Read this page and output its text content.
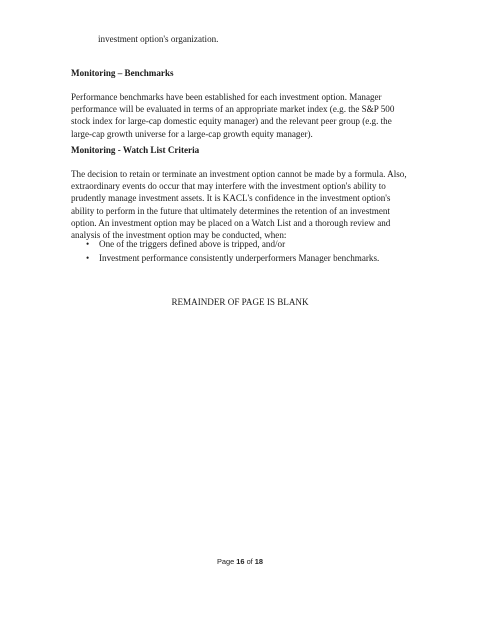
investment option's organization.

Monitoring – Benchmarks

Performance benchmarks have been established for each investment option. Manager performance will be evaluated in terms of an appropriate market index (e.g. the S&P 500 stock index for large-cap domestic equity manager) and the relevant peer group (e.g. the large-cap growth universe for a large-cap growth equity manager).

Monitoring - Watch List Criteria

The decision to retain or terminate an investment option cannot be made by a formula. Also, extraordinary events do occur that may interfere with the investment option's ability to prudently manage investment assets. It is KACL's confidence in the investment option's ability to perform in the future that ultimately determines the retention of an investment option. An investment option may be placed on a Watch List and a thorough review and analysis of the investment option may be conducted, when:

• One of the triggers defined above is tripped, and/or
• Investment performance consistently underperformers Manager benchmarks.
REMAINDER OF PAGE IS BLANK
Page 16 of 18
